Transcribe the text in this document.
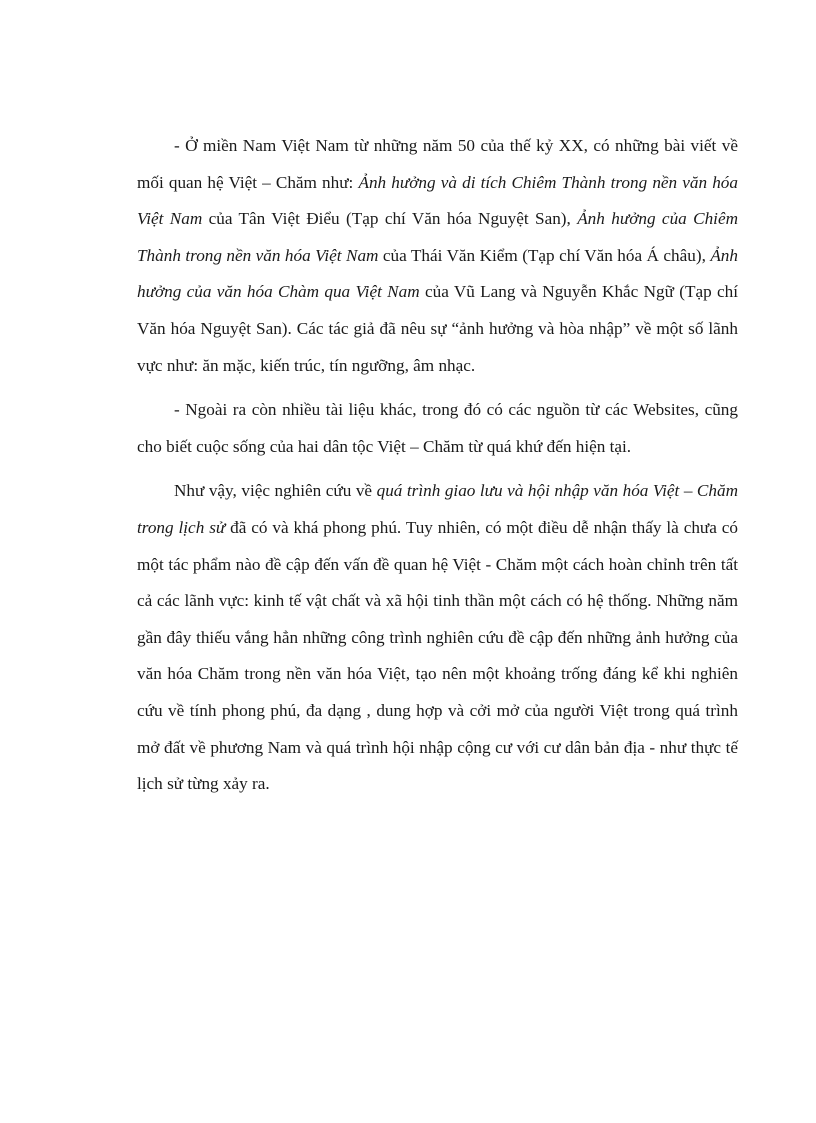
- Ở miền Nam Việt Nam từ những năm 50 của thế kỷ XX, có những bài viết về mối quan hệ Việt – Chăm như: Ảnh hưởng và di tích Chiêm Thành trong nền văn hóa Việt Nam của Tân Việt Điểu (Tạp chí Văn hóa Nguyệt San), Ảnh hưởng của Chiêm Thành trong nền văn hóa Việt Nam của Thái Văn Kiểm (Tạp chí Văn hóa Á châu), Ảnh hưởng của văn hóa Chàm qua Việt Nam của Vũ Lang và Nguyễn Khắc Ngữ (Tạp chí Văn hóa Nguyệt San). Các tác giả đã nêu sự “ảnh hưởng và hòa nhập” về một số lãnh vực như: ăn mặc, kiến trúc, tín ngưỡng, âm nhạc.

- Ngoài ra còn nhiều tài liệu khác, trong đó có các nguồn từ các Websites, cũng cho biết cuộc sống của hai dân tộc Việt – Chăm từ quá khứ đến hiện tại.

Như vậy, việc nghiên cứu về quá trình giao lưu và hội nhập văn hóa Việt – Chăm trong lịch sử đã có và khá phong phú. Tuy nhiên, có một điều dễ nhận thấy là chưa có một tác phẩm nào đề cập đến vấn đề quan hệ Việt - Chăm một cách hoàn chỉnh trên tất cả các lãnh vực: kinh tế vật chất và xã hội tinh thần một cách có hệ thống. Những năm gần đây thiếu vắng hẳn những công trình nghiên cứu đề cập đến những ảnh hưởng của văn hóa Chăm trong nền văn hóa Việt, tạo nên một khoảng trống đáng kể khi nghiên cứu về tính phong phú, đa dạng , dung hợp và cởi mở của người Việt trong quá trình mở đất về phương Nam và quá trình hội nhập cộng cư với cư dân bản địa - như thực tế lịch sử từng xảy ra.
